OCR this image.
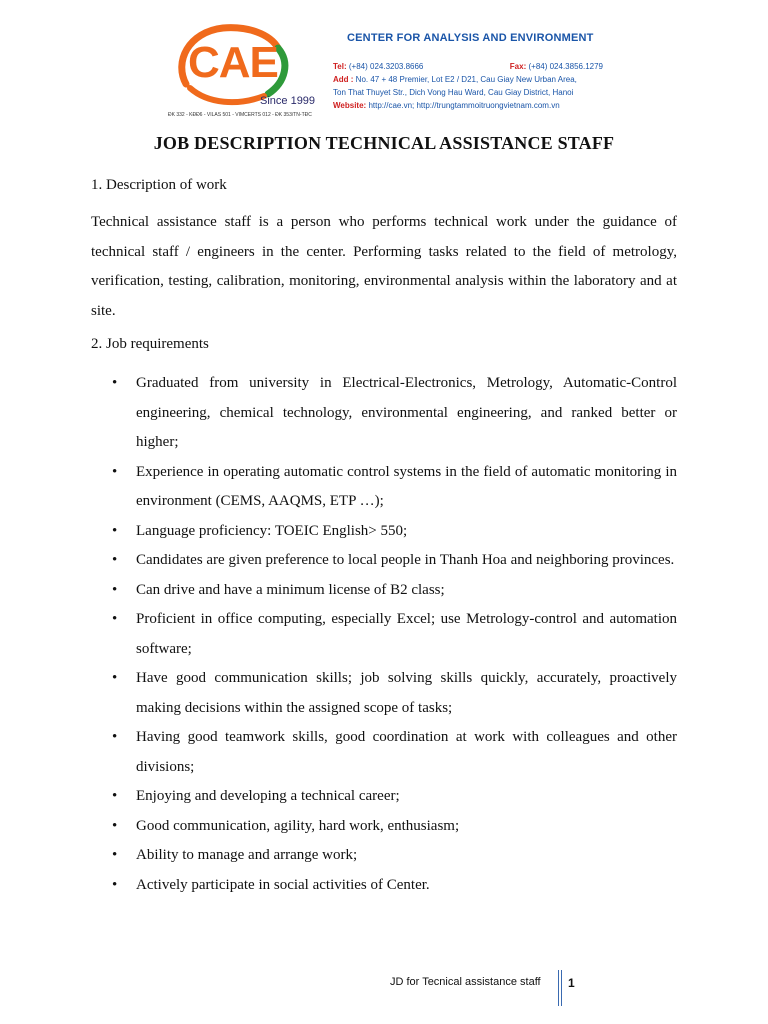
CAE
Since 1999
ĐK 332 - KĐĐ6 - VILAS 501 - VIMCERTS 012 - ĐK 353/TN-TĐC
CENTER FOR ANALYSIS AND ENVIRONMENT
Tel: (+84) 024.3203.8666	Fax: (+84) 024.3856.1279
Add : No. 47 + 48 Premier, Lot E2 / D21, Cau Giay New Urban Area,
Ton That Thuyet Str., Dich Vong Hau Ward, Cau Giay District, Hanoi
Website: http://cae.vn; http://trungtammoitruongvietnam.com.vn
JOB DESCRIPTION TECHNICAL ASSISTANCE STAFF
1. Description of work
Technical assistance staff is a person who performs technical work under the guidance of technical staff / engineers in the center. Performing tasks related to the field of metrology, verification, testing, calibration, monitoring, environmental analysis within the laboratory and at site.
2. Job requirements
• Graduated from university in Electrical-Electronics, Metrology, Automatic-Control engineering, chemical technology, environmental engineering, and ranked better or higher;
• Experience in operating automatic control systems in the field of automatic monitoring in environment (CEMS, AAQMS, ETP …);
• Language proficiency: TOEIC English> 550;
• Candidates are given preference to local people in Thanh Hoa and neighboring provinces.
• Can drive and have a minimum license of B2 class;
• Proficient in office computing, especially Excel; use Metrology-control and automation software;
• Have good communication skills; job solving skills quickly, accurately, proactively making decisions within the assigned scope of tasks;
• Having good teamwork skills, good coordination at work with colleagues and other divisions;
• Enjoying and developing a technical career;
• Good communication, agility, hard work, enthusiasm;
• Ability to manage and arrange work;
• Actively participate in social activities of Center.
JD for Tecnical assistance staff 1
